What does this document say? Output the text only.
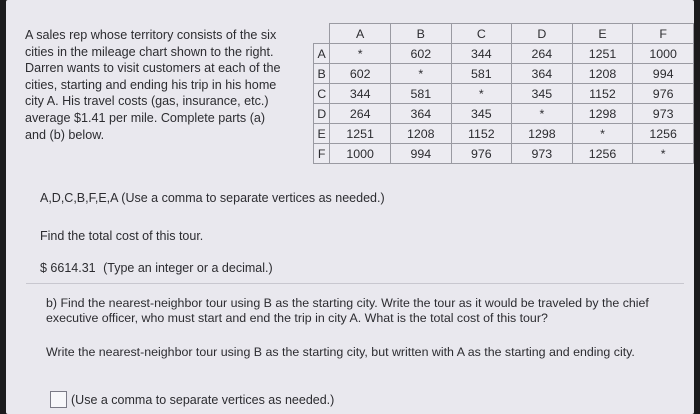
A sales rep whose territory consists of the six
cities in the mileage chart shown to the right.
Darren wants to visit customers at each of the
cities, starting and ending his trip in his home
city A. His travel costs (gas, insurance, etc.)
average $1.41 per mile. Complete parts (a)
and (b) below.
	A	B	C	D	E	F
A	*	602	344	264	1251	1000
B	602	*	581	364	1208	994
C	344	581	*	345	1152	976
D	264	364	345	*	1298	973
E	1251	1208	1152	1298	*	1256
F	1000	994	976	973	1256	*
A,D,C,B,F,E,A (Use a comma to separate vertices as needed.)
Find the total cost of this tour.
$ 6614.31 (Type an integer or a decimal.)
b) Find the nearest-neighbor tour using B as the starting city. Write the tour as it would be traveled by the chief executive officer, who must start and end the trip in city A. What is the total cost of this tour?
Write the nearest-neighbor tour using B as the starting city, but written with A as the starting and ending city.
(Use a comma to separate vertices as needed.)
